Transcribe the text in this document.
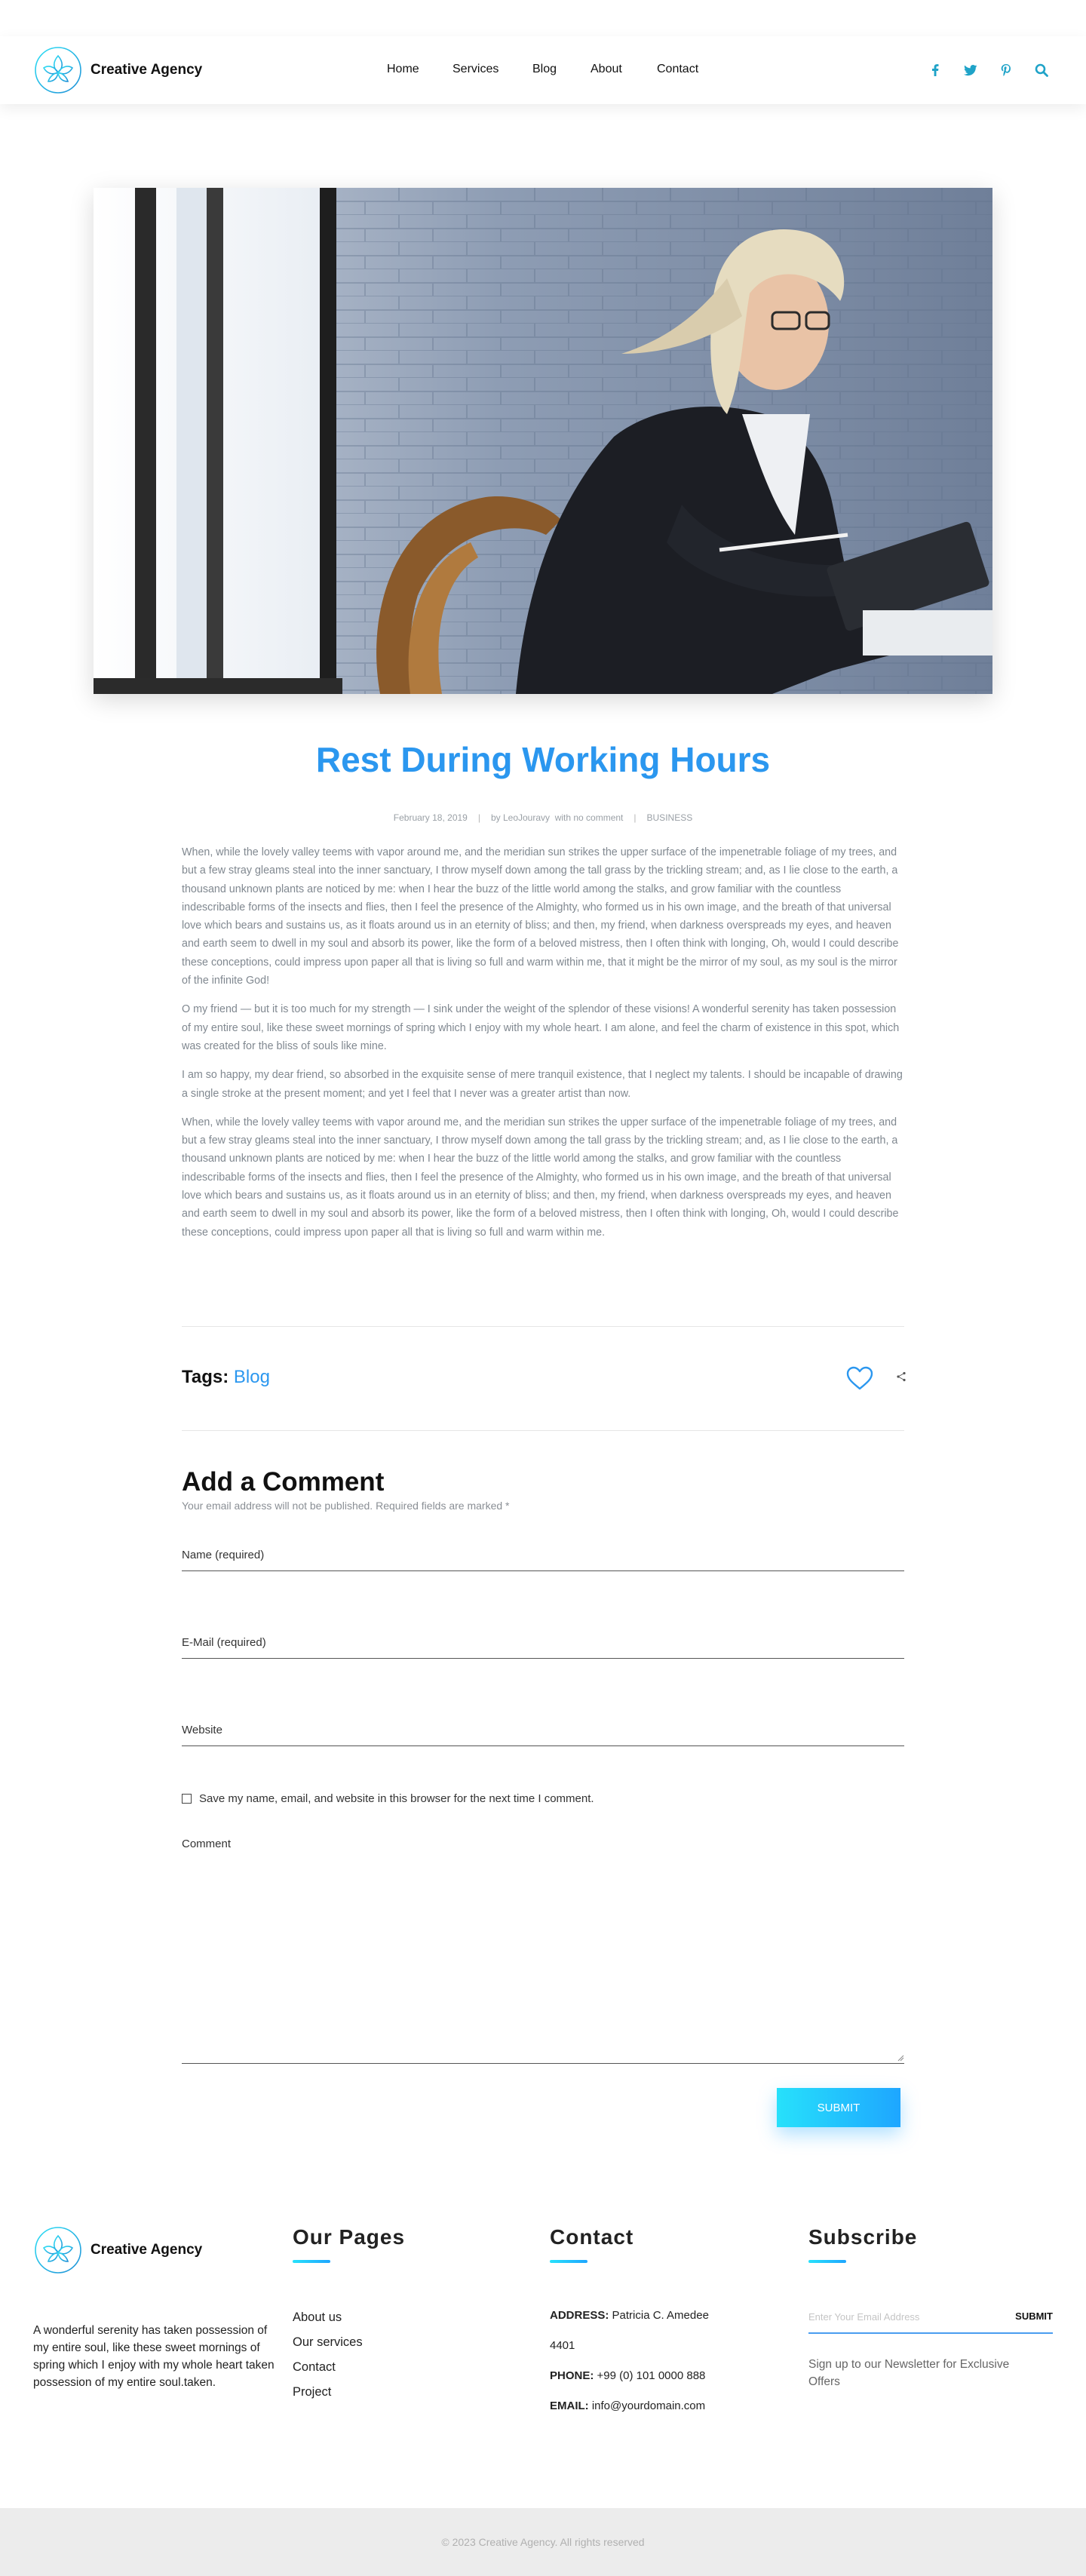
Creative Agency	Home	Services	Blog	About	Contact
Rest During Working Hours
February 18, 2019 | by LeoJouravy with no comment | BUSINESS

When, while the lovely valley teems with vapor around me, and the meridian sun strikes the upper surface of the impenetrable foliage of my trees, and but a few stray gleams steal into the inner sanctuary, I throw myself down among the tall grass by the trickling stream; and, as I lie close to the earth, a thousand unknown plants are noticed by me: when I hear the buzz of the little world among the stalks, and grow familiar with the countless indescribable forms of the insects and flies, then I feel the presence of the Almighty, who formed us in his own image, and the breath of that universal love which bears and sustains us, as it floats around us in an eternity of bliss; and then, my friend, when darkness overspreads my eyes, and heaven and earth seem to dwell in my soul and absorb its power, like the form of a beloved mistress, then I often think with longing, Oh, would I could describe these conceptions, could impress upon paper all that is living so full and warm within me, that it might be the mirror of my soul, as my soul is the mirror of the infinite God!

O my friend — but it is too much for my strength — I sink under the weight of the splendor of these visions! A wonderful serenity has taken possession of my entire soul, like these sweet mornings of spring which I enjoy with my whole heart. I am alone, and feel the charm of existence in this spot, which was created for the bliss of souls like mine.

I am so happy, my dear friend, so absorbed in the exquisite sense of mere tranquil existence, that I neglect my talents. I should be incapable of drawing a single stroke at the present moment; and yet I feel that I never was a greater artist than now.

When, while the lovely valley teems with vapor around me, and the meridian sun strikes the upper surface of the impenetrable foliage of my trees, and but a few stray gleams steal into the inner sanctuary, I throw myself down among the tall grass by the trickling stream; and, as I lie close to the earth, a thousand unknown plants are noticed by me: when I hear the buzz of the little world among the stalks, and grow familiar with the countless indescribable forms of the insects and flies, then I feel the presence of the Almighty, who formed us in his own image, and the breath of that universal love which bears and sustains us, as it floats around us in an eternity of bliss; and then, my friend, when darkness overspreads my eyes, and heaven and earth seem to dwell in my soul and absorb its power, like the form of a beloved mistress, then I often think with longing, Oh, would I could describe these conceptions, could impress upon paper all that is living so full and warm within me.

Tags: Blog
Add a Comment
Your email address will not be published. Required fields are marked *
Name (required)
E-Mail (required)
Website
Save my name, email, and website in this browser for the next time I comment.
Comment
SUBMIT
Creative Agency

A wonderful serenity has taken possession of my entire soul, like these sweet mornings of spring which I enjoy with my whole heart taken possession of my entire soul.taken.

Our Pages
About us
Our services
Contact
Project
Contact
ADDRESS: Patricia C. Amedee
4401
PHONE: +99 (0) 101 0000 888
EMAIL: info@yourdomain.com
Subscribe
Enter Your Email Address	SUBMIT

Sign up to our Newsletter for Exclusive Offers

© 2023 Creative Agency. All rights reserved
